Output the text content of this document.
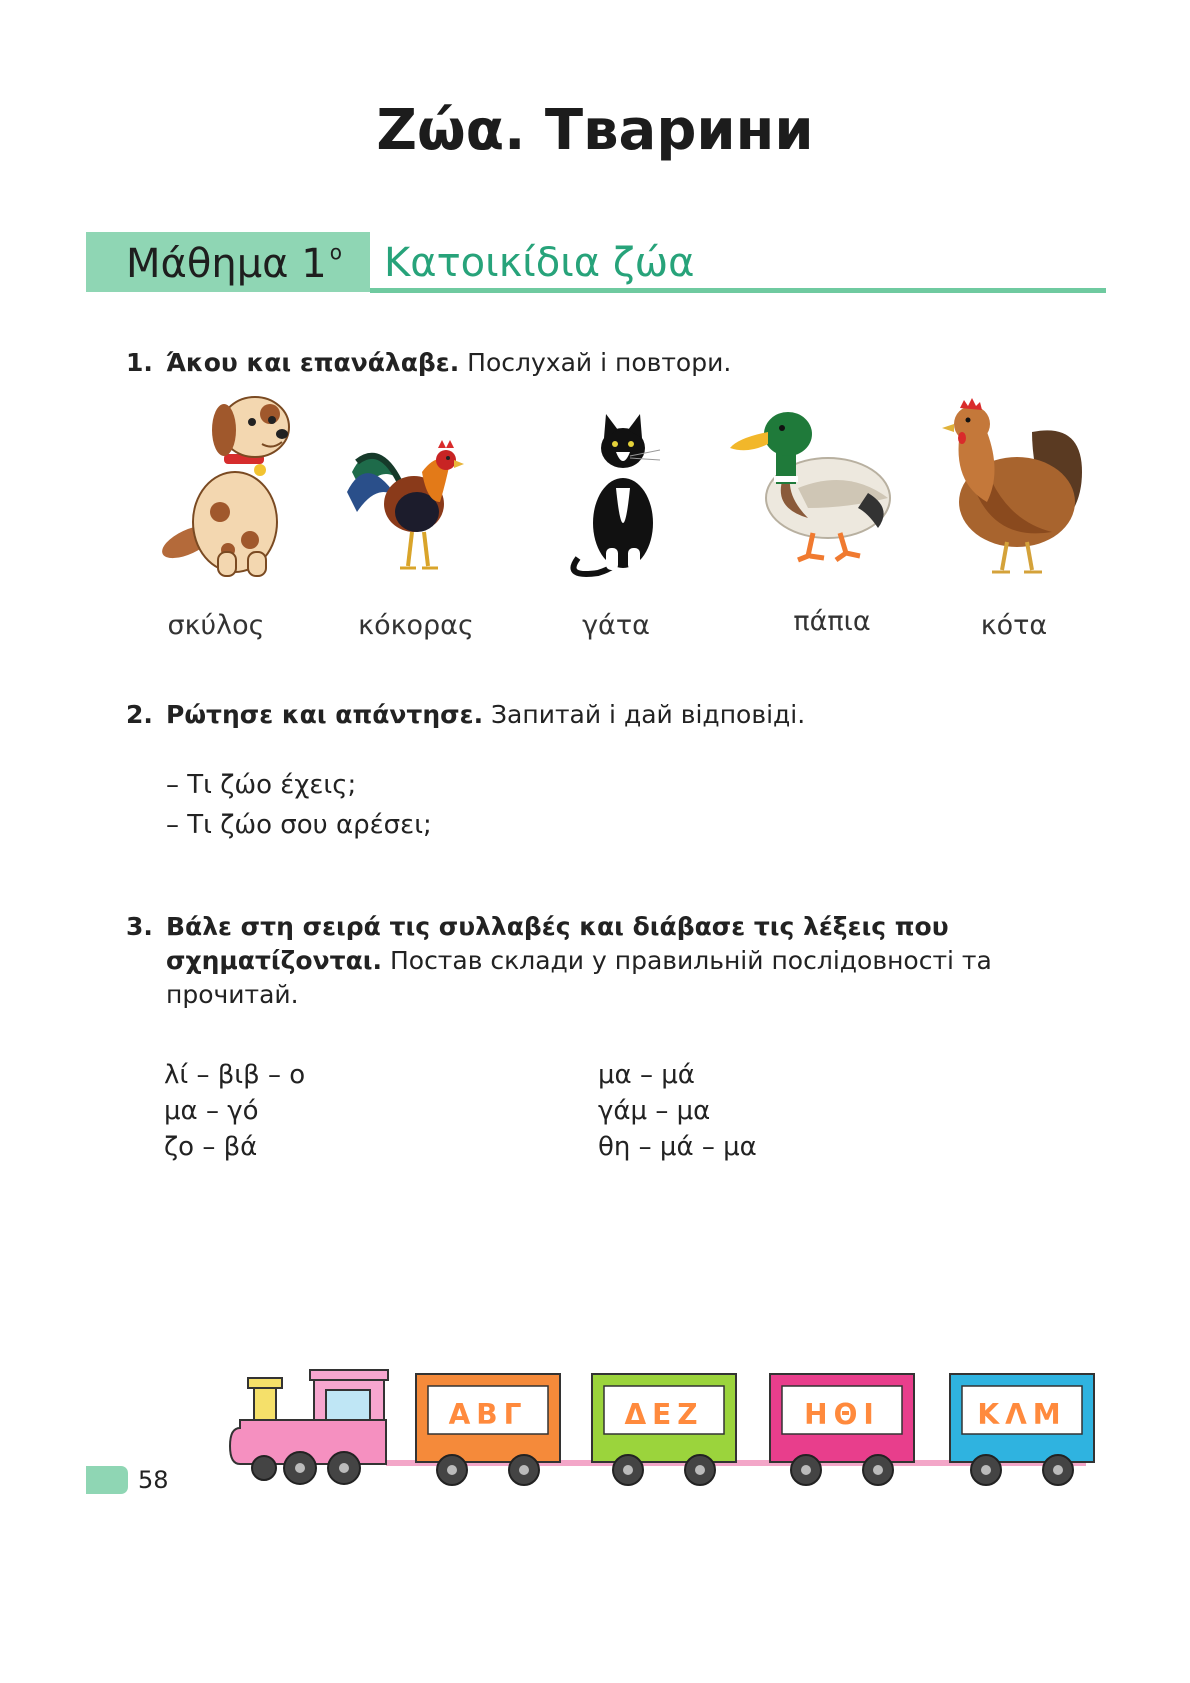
Ζώα. Тварини
Μάθημα 1 $^o$ Κατοικίδια ζώα
1. Άκου και επανάλαβε. Послухай і повтори.
σκύλος	κόκορας	γάτα	πάπια	κότα
2. Ρώτησε και απάντησε. Запитай і дай відповіді.
– Τι ζώο έχεις;
– Τι ζώο σου αρέσει;
3. Βάλε στη σειρά τις συλλαβές και διάβασε τις λέξεις που
σχηματίζονται. Постав склади у правильній послідовності та
прочитай.
λί – βιβ – ο
μα – γό
ζο – βά
μα – μά
γάμ – μα
θη – μά – μα
ΑΒΓ	ΔΕΖ	ΗΘΙ	ΚΛΜ
58
